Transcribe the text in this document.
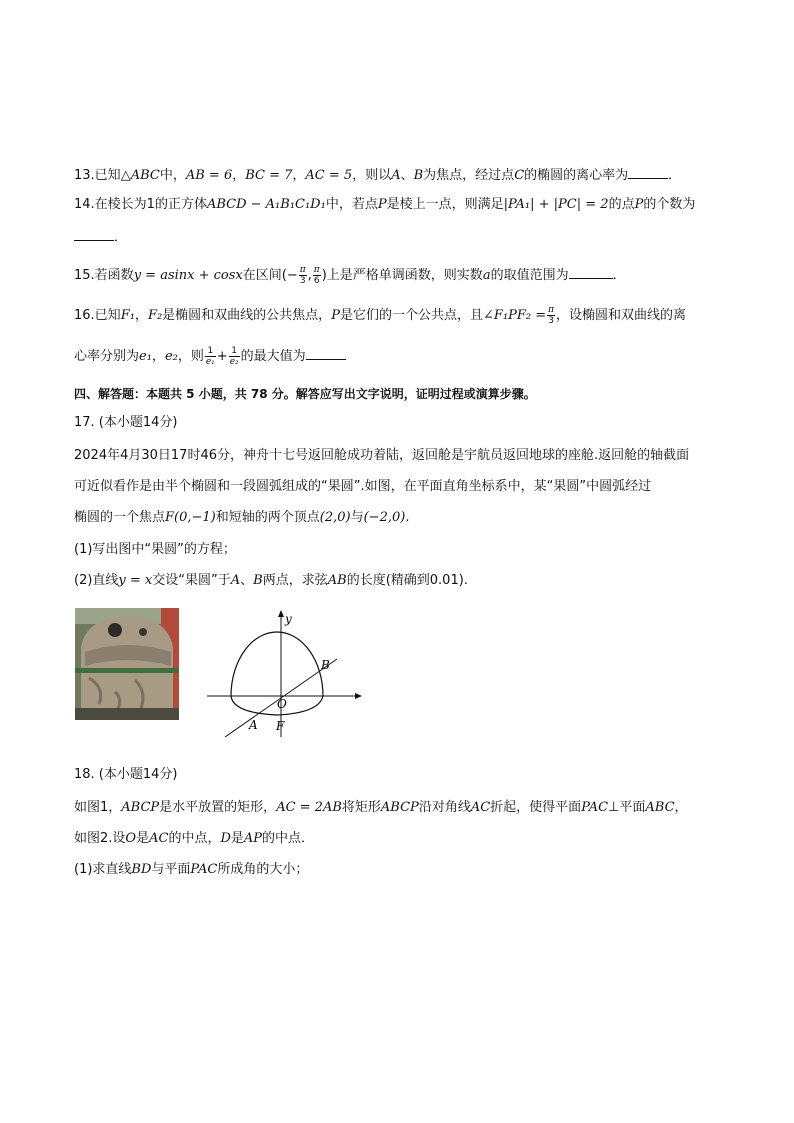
13.已知△ABC中，AB = 6，BC = 7，AC = 5，则以A、B为焦点，经过点C的椭圆的离心率为	．
14.在棱长为1的正方体ABCD − A₁B₁C₁D₁中，若点P是棱上一点，则满足|PA₁| + |PC| = 2的点P的个数为
．
15.若函数y = asinx + cosx在区间(− $\frac{\pi}{3}$ , $\frac{\pi}{6}$ )上是严格单调函数，则实数a的取值范围为	．
16.已知F₁，F₂是椭圆和双曲线的公共焦点，P是它们的一个公共点，且∠F₁PF₂ = $\frac{\pi}{3}$ ，设椭圆和双曲线的离
心率分别为e₁，e₂，则 $\frac{1}{\text{e₁}} + \frac{1}{\text{e₂}}$ 的最大值为
四、解答题：本题共 5 小题，共 78 分。解答应写出文字说明，证明过程或演算步骤。
17. (本小题14分)
2024年4月30日17时46分，神舟十七号返回舱成功着陆，返回舱是宇航员返回地球的座舱.返回舱的轴截面
可近似看作是由半个椭圆和一段圆弧组成的“果圆”.如图，在平面直角坐标系中，某“果圆”中圆弧经过
椭圆的一个焦点F(0,−1)和短轴的两个顶点(2,0)与(−2,0).
(1)写出图中“果圆”的方程；
(2)直线y = x交设“果圆”于A、B两点，求弦AB的长度(精确到0.01).
y
B
O
A F
18. (本小题14分)
如图1，ABCP是水平放置的矩形，AC = 2AB将矩形ABCP沿对角线AC折起，使得平面PAC⊥平面ABC，
如图2.设O是AC的中点，D是AP的中点．
(1)求直线BD与平面PAC所成角的大小；
